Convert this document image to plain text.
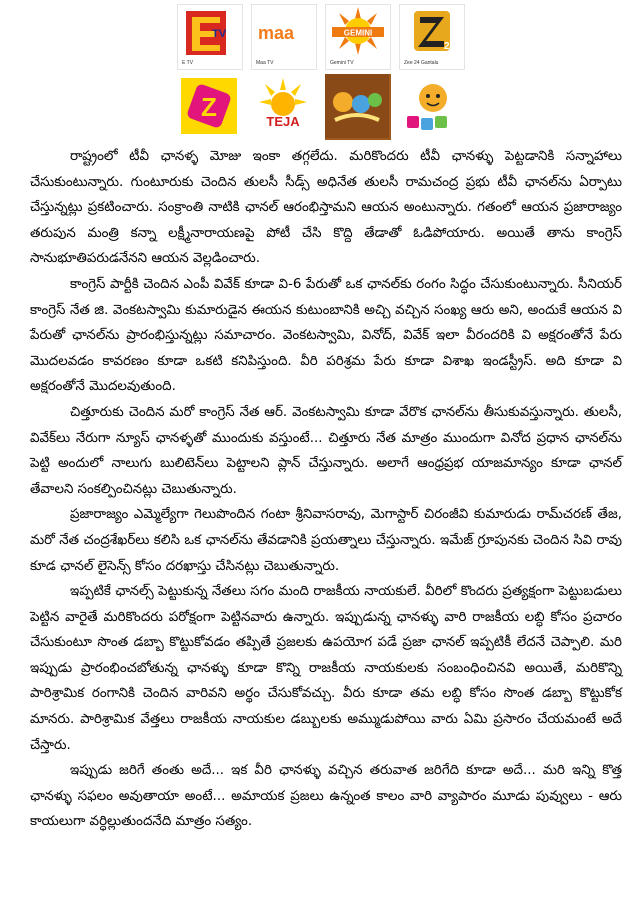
TV
E TV
maa
Maa TV
GEMINI
Gemini TV
24
Zee 24 Gantalu
Z	TEJA

రాష్ట్రంలో టీవీ ఛానళ్ళ మోజు ఇంకా తగ్గలేదు. మరికొందరు టీవీ ఛానళ్ళు పెట్టడానికి సన్నాహాలు చేసుకుంటున్నారు. గుంటూరుకు చెందిన తులసీ సీడ్స్ అధినేత తులసీ రామచంద్ర ప్రభు టీవీ ఛానల్‌ను ఏర్పాటు చేస్తున్నట్లు ప్రకటించారు. సంక్రాంతి నాటికి ఛానల్ ఆరంభిస్తామని ఆయన అంటున్నారు. గతంలో ఆయన ప్రజారాజ్యం తరుపున మంత్రి కన్నా లక్ష్మీనారాయణపై పోటీ చేసి కొద్ది తేడాతో ఓడిపోయారు. అయితే తాను కాంగ్రెస్ సానుభూతిపరుడనేనని ఆయన వెల్లడించారు.

కాంగ్రెస్ పార్టీకి చెందిన ఎంపీ వివేక్ కూడా వి-6 పేరుతో ఒక ఛానల్‌కు రంగం సిద్ధం చేసుకుంటున్నారు. సీనియర్ కాంగ్రెస్ నేత జి. వెంకటస్వామి కుమారుడైన ఈయన కుటుంబానికి అచ్చి వచ్చిన సంఖ్య ఆరు అని, అందుకే ఆయన వి పేరుతో ఛానల్‌ను ప్రారంభిస్తున్నట్లు సమాచారం. వెంకటస్వామి, వినోద్, వివేక్ ఇలా వీరందరికి వి అక్షరంతోనే పేరు మొదలవడం కావరణం కూడా ఒకటి కనిపిస్తుంది. వీరి పరిశ్రమ పేరు కూడా విశాఖ ఇండస్ట్రీస్. అది కూడా వి అక్షరంతోనే మొదలవుతుంది.

చిత్తూరుకు చెందిన మరో కాంగ్రెస్ నేత ఆర్. వెంకటస్వామి కూడా వేరొక ఛానల్‌ను తీసుకువస్తున్నారు. తులసీ, వివేక్‌లు నేరుగా న్యూస్ ఛానళ్ళతో ముందుకు వస్తుంటే... చిత్తూరు నేత మాత్రం ముందుగా వినోద ప్రధాన ఛానల్‌ను పెట్టి అందులో నాలుగు బులిటెన్‌లు పెట్టాలని ప్లాన్ చేస్తున్నారు. అలాగే ఆంధ్రప్రభ యాజమాన్యం కూడా ఛానల్ తేవాలని సంకల్పించినట్లు చెబుతున్నారు.

ప్రజారాజ్యం ఎమ్మెల్యేగా గెలుపొందిన గంటా శ్రీనివాసరావు, మెగాస్టార్ చిరంజీవి కుమారుడు రామ్‌చరణ్ తేజ, మరో నేత చంద్రశేఖర్‌లు కలిసి ఒక ఛానల్‌ను తేవడానికి ప్రయత్నాలు చేస్తున్నారు. ఇమేజ్ గ్రూపునకు చెందిన సివి రావు కూడ ఛానల్ లైసెన్స్ కోసం దరఖాస్తు చేసినట్లు చెబుతున్నారు.

ఇప్పటికే ఛానల్స్ పెట్టుకున్న నేతలు సగం మంది రాజకీయ నాయకులే. వీరిలో కొందరు ప్రత్యక్షంగా పెట్టుబడులు పెట్టిన వారైతే మరికొందరు పరోక్షంగా పెట్టినవారు ఉన్నారు. ఇప్పుడున్న ఛానళ్ళు వారి రాజకీయ లబ్ధి కోసం ప్రచారం చేసుకుంటూ సొంత డబ్బా కొట్టుకోవడం తప్పితే ప్రజలకు ఉపయోగ పడే ప్రజా ఛానల్ ఇప్పటికీ లేదనే చెప్పాలి. మరి ఇప్పుడు ప్రారంభించబోతున్న ఛానళ్ళు కూడా కొన్ని రాజకీయ నాయకులకు సంబంధించినవి అయితే, మరికొన్ని పారిశ్రామిక రంగానికి చెందిన వారివని అర్థం చేసుకోవచ్చు. వీరు కూడా తమ లబ్ధి కోసం సొంత డబ్బా కొట్టుకోక మానరు. పారిశ్రామిక వేత్తలు రాజకీయ నాయకుల డబ్బులకు అమ్ముడుపోయి వారు ఏమి ప్రసారం చేయమంటే అదే చేస్తారు.

ఇప్పుడు జరిగే తంతు అదే... ఇక వీరి ఛానళ్ళు వచ్చిన తరువాత జరిగేది కూడా అదే... మరి ఇన్ని కొత్త ఛానళ్ళు సఫలం అవుతాయా అంటే... అమాయక ప్రజలు ఉన్నంత కాలం వారి వ్యాపారం మూడు పువ్వులు - ఆరు కాయలుగా వర్ధిల్లుతుందనేది మాత్రం సత్యం.
